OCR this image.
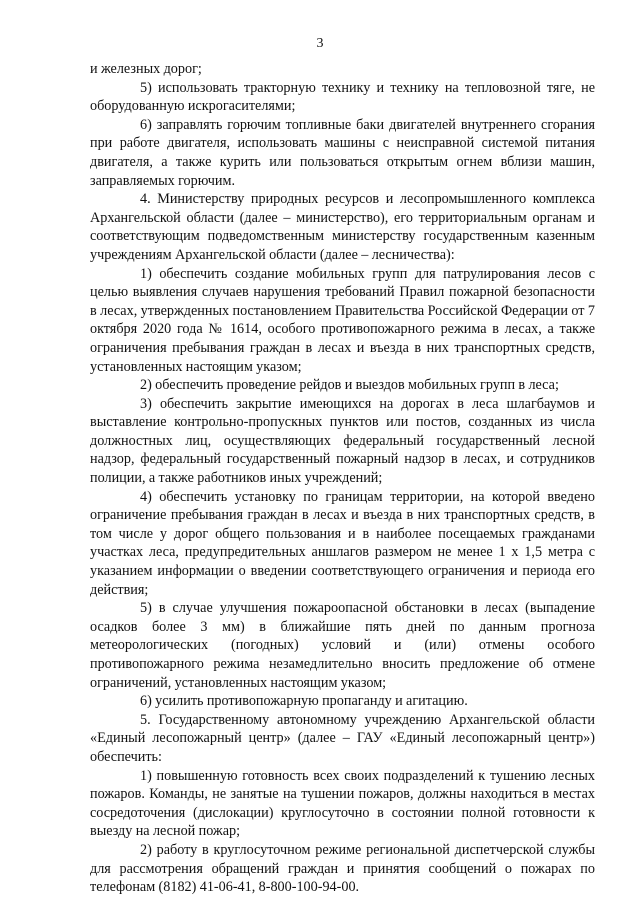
3

и железных дорог;

5) использовать тракторную технику и технику на тепловозной тяге, не оборудованную искрогасителями;

6) заправлять горючим топливные баки двигателей внутреннего сгорания при работе двигателя, использовать машины с неисправной системой питания двигателя, а также курить или пользоваться открытым огнем вблизи машин, заправляемых горючим.

4. Министерству природных ресурсов и лесопромышленного комплекса Архангельской области (далее – министерство), его территориальным органам и соответствующим подведомственным министерству государственным казенным учреждениям Архангельской области (далее – лесничества):

1) обеспечить создание мобильных групп для патрулирования лесов с целью выявления случаев нарушения требований Правил пожарной безопасности в лесах, утвержденных постановлением Правительства Российской Федерации от 7 октября 2020 года № 1614, особого противопожарного режима в лесах, а также ограничения пребывания граждан в лесах и въезда в них транспортных средств, установленных настоящим указом;

2) обеспечить проведение рейдов и выездов мобильных групп в леса;

3) обеспечить закрытие имеющихся на дорогах в леса шлагбаумов и выставление контрольно-пропускных пунктов или постов, созданных из числа должностных лиц, осуществляющих федеральный государственный лесной надзор, федеральный государственный пожарный надзор в лесах, и сотрудников полиции, а также работников иных учреждений;

4) обеспечить установку по границам территории, на которой введено ограничение пребывания граждан в лесах и въезда в них транспортных средств, в том числе у дорог общего пользования и в наиболее посещаемых гражданами участках леса, предупредительных аншлагов размером не менее 1 x 1,5 метра с указанием информации о введении соответствующего ограничения и периода его действия;

5) в случае улучшения пожароопасной обстановки в лесах (выпадение осадков более 3 мм) в ближайшие пять дней по данным прогноза метеорологических (погодных) условий и (или) отмены особого противопожарного режима незамедлительно вносить предложение об отмене ограничений, установленных настоящим указом;

6) усилить противопожарную пропаганду и агитацию.

5. Государственному автономному учреждению Архангельской области «Единый лесопожарный центр» (далее – ГАУ «Единый лесопожарный центр») обеспечить:

1) повышенную готовность всех своих подразделений к тушению лесных пожаров. Команды, не занятые на тушении пожаров, должны находиться в местах сосредоточения (дислокации) круглосуточно в состоянии полной готовности к выезду на лесной пожар;

2) работу в круглосуточном режиме региональной диспетчерской службы для рассмотрения обращений граждан и принятия сообщений о пожарах по телефонам (8182) 41-06-41, 8-800-100-94-00.
